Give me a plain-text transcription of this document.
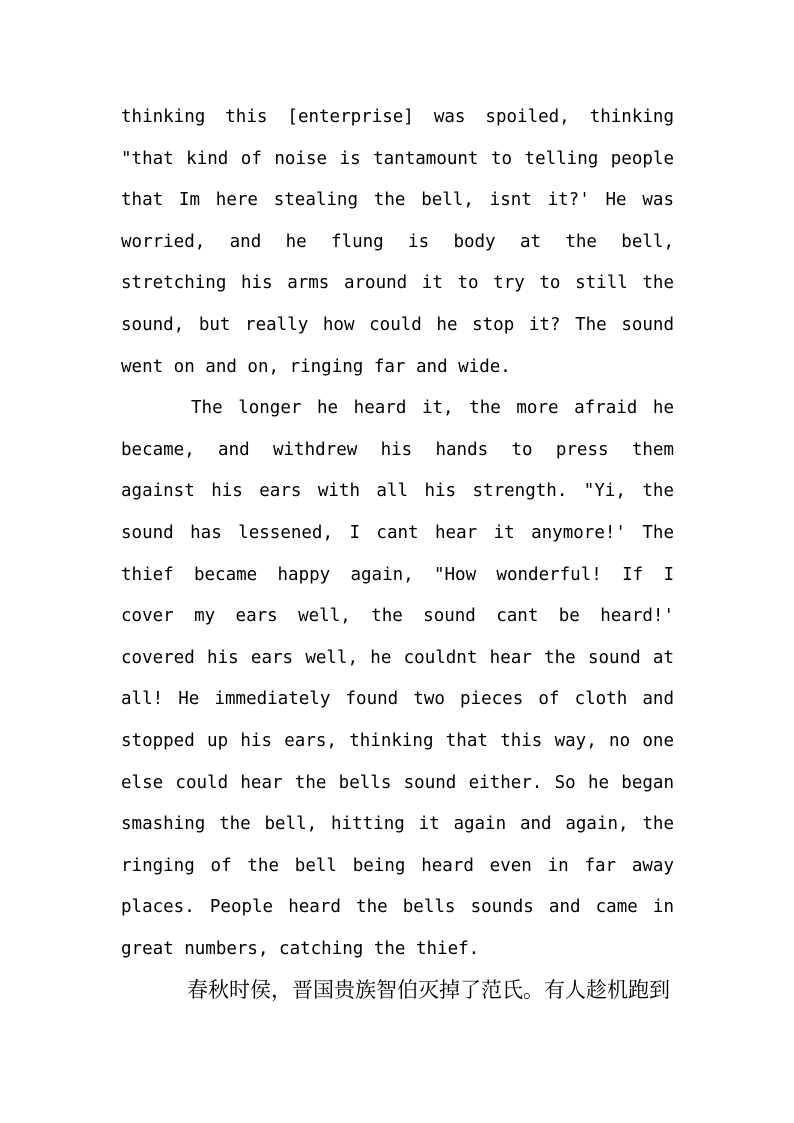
thinking this [enterprise] was spoiled, thinking
"that kind of noise is tantamount to telling people
that Im here stealing the bell, isnt it?' He was
worried, and he flung is body at the bell,
stretching his arms around it to try to still the
sound, but really how could he stop it? The sound
went on and on, ringing far and wide.
The longer he heard it, the more afraid he
became, and withdrew his hands to press them
against his ears with all his strength. "Yi, the
sound has lessened, I cant hear it anymore!' The
thief became happy again, "How wonderful! If I
cover my ears well, the sound cant be heard!'
covered his ears well, he couldnt hear the sound at
all! He immediately found two pieces of cloth and
stopped up his ears, thinking that this way, no one
else could hear the bells sound either. So he began
smashing the bell, hitting it again and again, the
ringing of the bell being heard even in far away
places. People heard the bells sounds and came in
great numbers, catching the thief.
春秋时侯，晋国贵族智伯灭掉了范氏。有人趁机跑到
